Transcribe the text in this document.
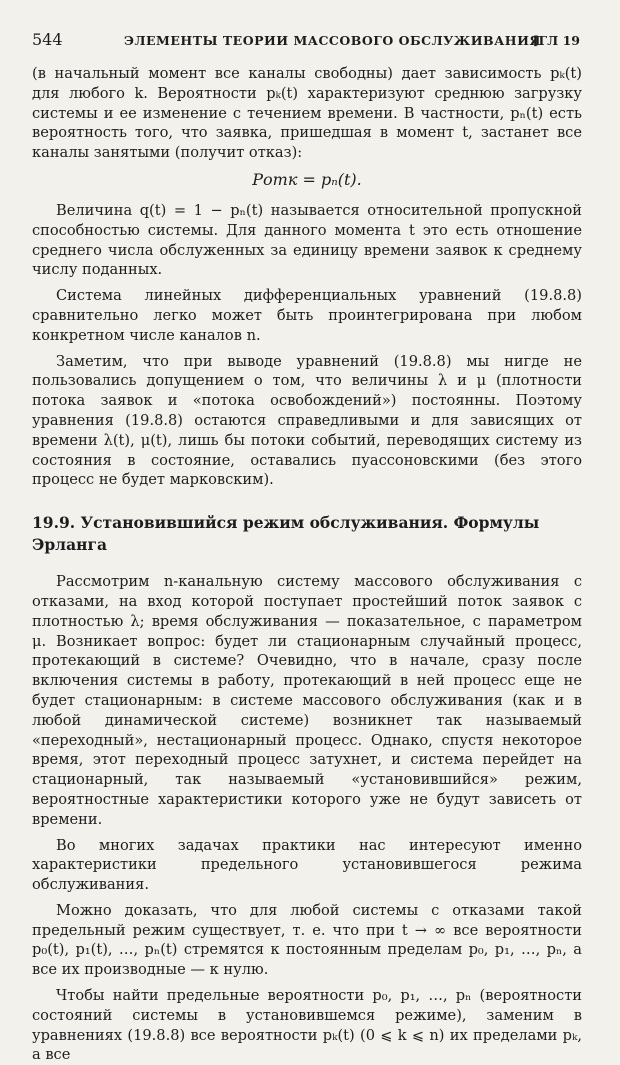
544	ЭЛЕМЕНТЫ ТЕОРИИ МАССОВОГО ОБСЛУЖИВАНИЯ
[ГЛ 19

(в начальный момент все каналы свободны) дает зависимость pₖ(t) для любого k. Вероятности pₖ(t) характеризуют среднюю загрузку системы и ее изменение с течением времени. В частности, pₙ(t) есть вероятность того, что заявка, пришедшая в момент t, застанет все каналы занятыми (получит отказ):

Pотк = pₙ(t).

Величина q(t) = 1 − pₙ(t) называется относительной пропускной способностью системы. Для данного момента t это есть отношение среднего числа обслуженных за единицу времени заявок к среднему числу поданных.

Система линейных дифференциальных уравнений (19.8.8) сравнительно легко может быть проинтегрирована при любом конкретном числе каналов n.

Заметим, что при выводе уравнений (19.8.8) мы нигде не пользовались допущением о том, что величины λ и μ (плотности потока заявок и «потока освобождений») постоянны. Поэтому уравнения (19.8.8) остаются справедливыми и для зависящих от времени λ(t), μ(t), лишь бы потоки событий, переводящих систему из состояния в состояние, оставались пуассоновскими (без этого процесс не будет марковским).

19.9. Установившийся режим обслуживания. Формулы Эрланга

Рассмотрим n-канальную систему массового обслуживания с отказами, на вход которой поступает простейший поток заявок с плотностью λ; время обслуживания — показательное, с параметром μ. Возникает вопрос: будет ли стационарным случайный процесс, протекающий в системе? Очевидно, что в начале, сразу после включения системы в работу, протекающий в ней процесс еще не будет стационарным: в системе массового обслуживания (как и в любой динамической системе) возникнет так называемый «переходный», нестационарный процесс. Однако, спустя некоторое время, этот переходный процесс затухнет, и система перейдет на стационарный, так называемый «установившийся» режим, вероятностные характеристики которого уже не будут зависеть от времени.

Во многих задачах практики нас интересуют именно характеристики предельного установившегося режима обслуживания.

Можно доказать, что для любой системы с отказами такой предельный режим существует, т. е. что при t → ∞ все вероятности p₀(t), p₁(t), …, pₙ(t) стремятся к постоянным пределам p₀, p₁, …, pₙ, а все их производные — к нулю.

Чтобы найти предельные вероятности p₀, p₁, …, pₙ (вероятности состояний системы в установившемся режиме), заменим в уравнениях (19.8.8) все вероятности pₖ(t) (0 ⩽ k ⩽ n) их пределами pₖ, а все
